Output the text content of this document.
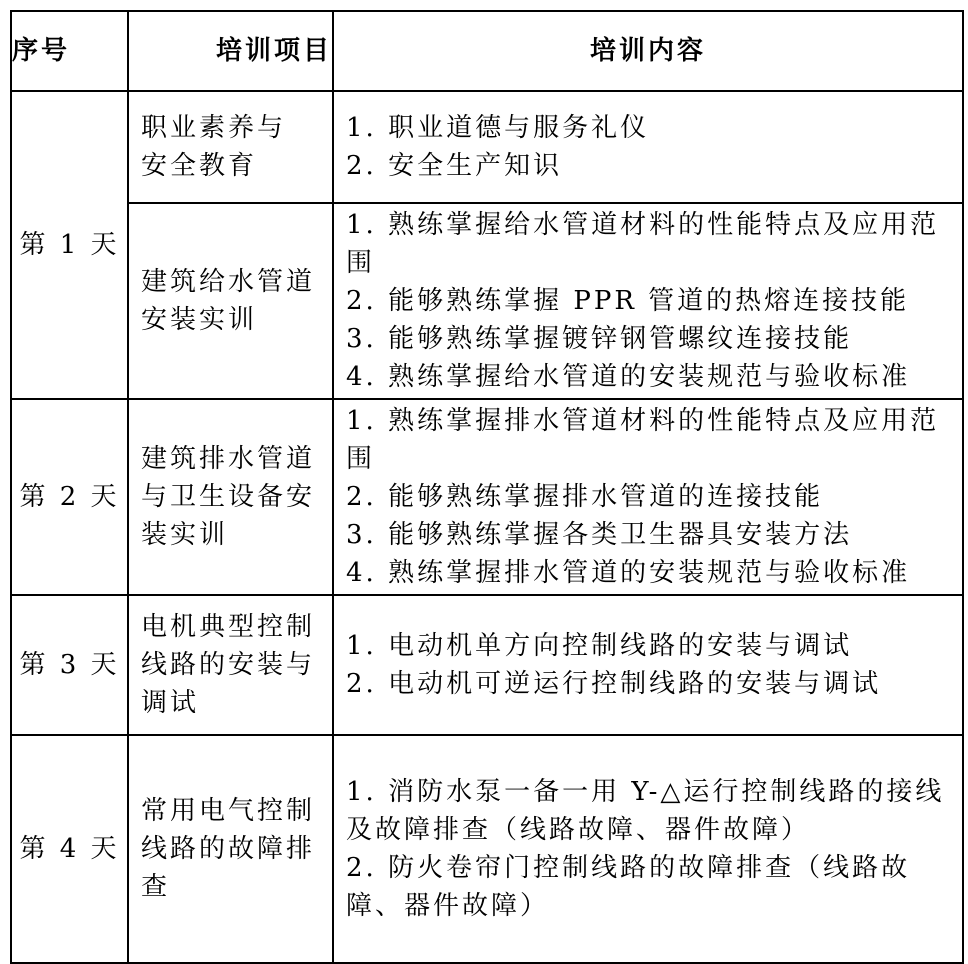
序号	培训项目	培训内容
第 1 天	职业素养与
安全教育	1. 职业道德与服务礼仪
2. 安全生产知识

	建筑给水管道
安装实训	1. 熟练掌握给水管道材料的性能特点及应用范围
2. 能够熟练掌握 PPR 管道的热熔连接技能
3. 能够熟练掌握镀锌钢管螺纹连接技能
4. 熟练掌握给水管道的安装规范与验收标准

第 2 天	建筑排水管道
与卫生设备安
装实训	1. 熟练掌握排水管道材料的性能特点及应用范围
2. 能够熟练掌握排水管道的连接技能
3. 能够熟练掌握各类卫生器具安装方法
4. 熟练掌握排水管道的安装规范与验收标准

第 3 天	电机典型控制
线路的安装与
调试	1. 电动机单方向控制线路的安装与调试
2. 电动机可逆运行控制线路的安装与调试

第 4 天	常用电气控制
线路的故障排
查	1. 消防水泵一备一用 Y-△运行控制线路的接线及故障排查（线路故障、器件故障）
2. 防火卷帘门控制线路的故障排查（线路故障、器件故障）
